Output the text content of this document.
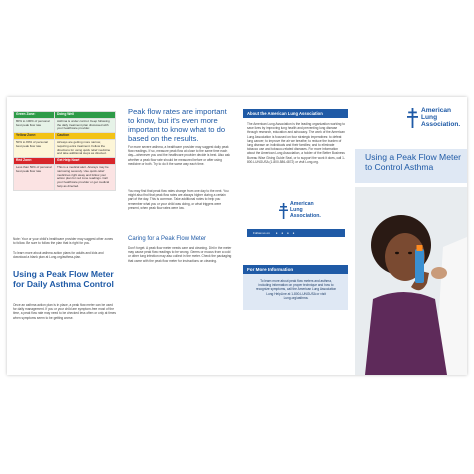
Green Zone:	Doing Well
80% to 100% of personal best peak flow rate	Asthma is under control. Keep following the daily treatment plan discussed with your healthcare provider.
Yellow Zone:	Caution
50% to 80% of personal best peak flow rate	Airways are getting more narrow, requiring extra treatment. Follow the directions for using quick relief medicine and take additional steps as directed.
Red Zone:	Get Help Now!
Less than 50% of personal best peak flow rate	This is a medical alert. Airways may be narrowing severely. Use quick-relief medicines right away and follow your action plan for red zone readings. Call your healthcare provider or get medical help as directed.
Note: Your or your child's healthcare provider may suggest other zones to follow. Be sure to follow the plan that is right for you.
To learn more about asthma action plans for adults and kids and download a blank plan at Lung.org/asthma-plan.

Using a Peak Flow Meter for Daily Asthma Control

Once an asthma action plan is in place, a peak flow meter can be used for daily management. If you or your child are symptom-free most of the time, a peak flow rate may need to be checked less often or only at times when symptoms seem to be getting worse.

Peak flow rates are important to know, but it's even more important to know what to do based on the results.

For more severe asthma, a healthcare provider may suggest daily peak flow readings. If so, measure peak flow at close to the same time each day—whenever you and the healthcare provider decide is best. Also ask whether a peak flow rate should be measured before or after using medicine or both. Try to do it the same way each time.
You may find that peak flow rates change from one day to the next. You might also find that peak flow rates are always higher during a certain part of the day. This is common. Take additional notes to help you remember what you or your child was doing, or what triggers were present, when peak flow rates were low.

Caring for a Peak Flow Meter

Don't forget. A peak flow meter needs care and cleaning. Dirt in the meter may cause peak flow readings to be wrong. Germs or mucus from a cold or other lung infection may also collect in the meter. Check the packaging that came with the peak flow meter for instructions on cleaning.
About the American Lung Association
The American Lung Association is the leading organization working to save lives by improving lung health and preventing lung disease through research, education and advocacy. The work of the American Lung Association is focused on four strategic imperatives: to defeat lung cancer; to improve the air we breathe; to reduce the burden of lung disease on individuals and their families; and to eliminate tobacco use and tobacco-related diseases. For more information about the American Lung Association, a holder of the Better Business Bureau Wise Giving Guide Seal, or to support the work it does, call 1-800-LUNGUSA (1-800-586-4872) or visit Lung.org.
American
Lung
Association.
Follow us on ● ● ● ●
For More Information
To learn more about peak flow meters and asthma, including information on proper technique and how to recognize symptoms, call the American Lung Association Lung HelpLine at 1-800-LUNGUSA or visit Lung.org/asthma.
American
Lung
Association.
Using a Peak Flow Meter to Control Asthma
